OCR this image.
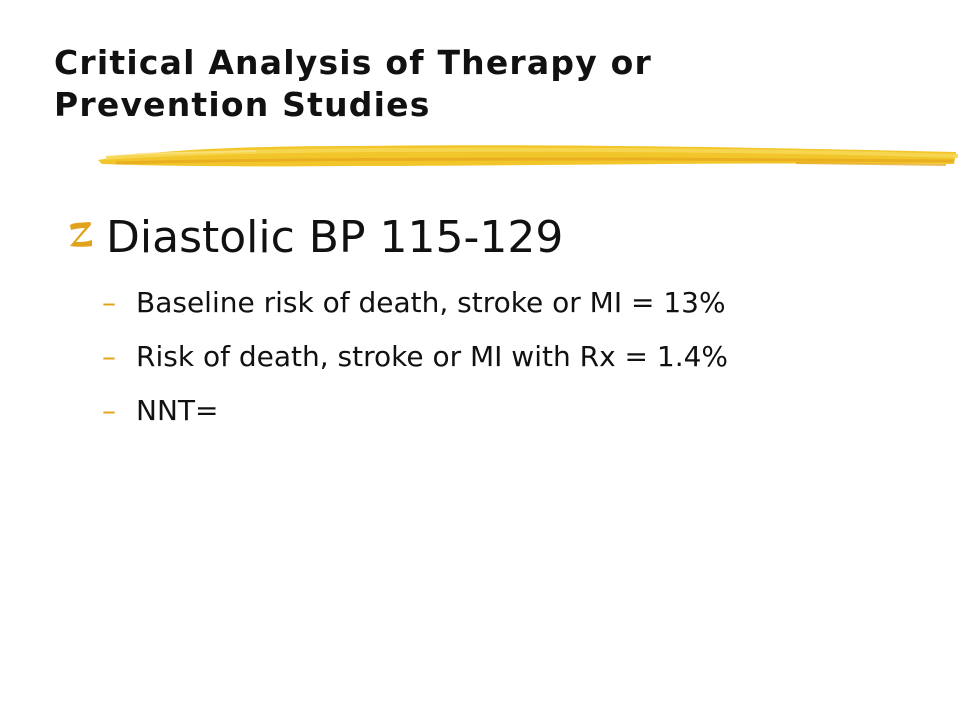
Critical Analysis of Therapy or
Prevention Studies
Diastolic BP 115-129
– Baseline risk of death, stroke or MI = 13%
– Risk of death, stroke or MI with Rx = 1.4%
– NNT=
